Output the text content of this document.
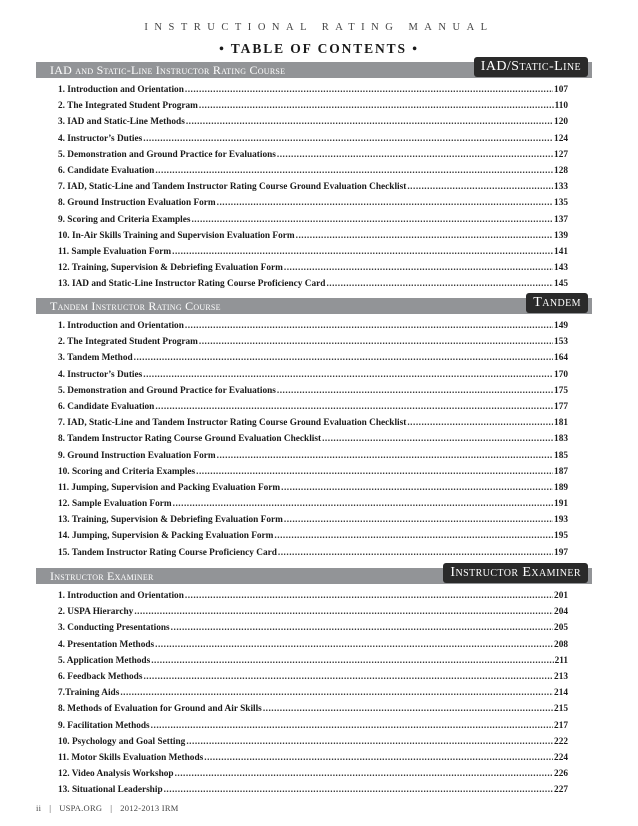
INSTRUCTIONAL RATING MANUAL
• TABLE OF CONTENTS •
IAD and Static-Line Instructor Rating Course	IAD/Static-Line
1. Introduction and Orientation .....	107
2. The Integrated Student Program .....	110
3. IAD and Static-Line Methods .....	120
4. Instructor’s Duties .....	124
5. Demonstration and Ground Practice for Evaluations .....	127
6. Candidate Evaluation .....	128
7. IAD, Static-Line and Tandem Instructor Rating Course Ground Evaluation Checklist .....	133
8. Ground Instruction Evaluation Form .....	135
9. Scoring and Criteria Examples .....	137
10. In-Air Skills Training and Supervision Evaluation Form .....	139
11. Sample Evaluation Form .....	141
12. Training, Supervision & Debriefing Evaluation Form .....	143
13. IAD and Static-Line Instructor Rating Course Proficiency Card .....	145
Tandem Instructor Rating Course	Tandem
1. Introduction and Orientation .....	149
2. The Integrated Student Program .....	153
3. Tandem Method .....	164
4. Instructor’s Duties .....	170
5. Demonstration and Ground Practice for Evaluations .....	175
6. Candidate Evaluation .....	177
7. IAD, Static-Line and Tandem Instructor Rating Course Ground Evaluation Checklist .....	181
8. Tandem Instructor Rating Course Ground Evaluation Checklist .....	183
9. Ground Instruction Evaluation Form .....	185
10. Scoring and Criteria Examples .....	187
11. Jumping, Supervision and Packing Evaluation Form .....	189
12. Sample Evaluation Form .....	191
13. Training, Supervision & Debriefing Evaluation Form .....	193
14. Jumping, Supervision & Packing Evaluation Form .....	195
15. Tandem Instructor Rating Course Proficiency Card .....	197
Instructor Examiner	Instructor Examiner
1. Introduction and Orientation .....	201
2. USPA Hierarchy .....	204
3. Conducting Presentations .....	205
4. Presentation Methods .....	208
5. Application Methods .....	211
6. Feedback Methods .....	213
7.Training Aids .....	214
8. Methods of Evaluation for Ground and Air Skills .....	215
9. Facilitation Methods .....	217
10. Psychology and Goal Setting .....	222
11. Motor Skills Evaluation Methods .....	224
12. Video Analysis Workshop .....	226
13. Situational Leadership .....	227
ii | USPA.ORG | 2012-2013 IRM
